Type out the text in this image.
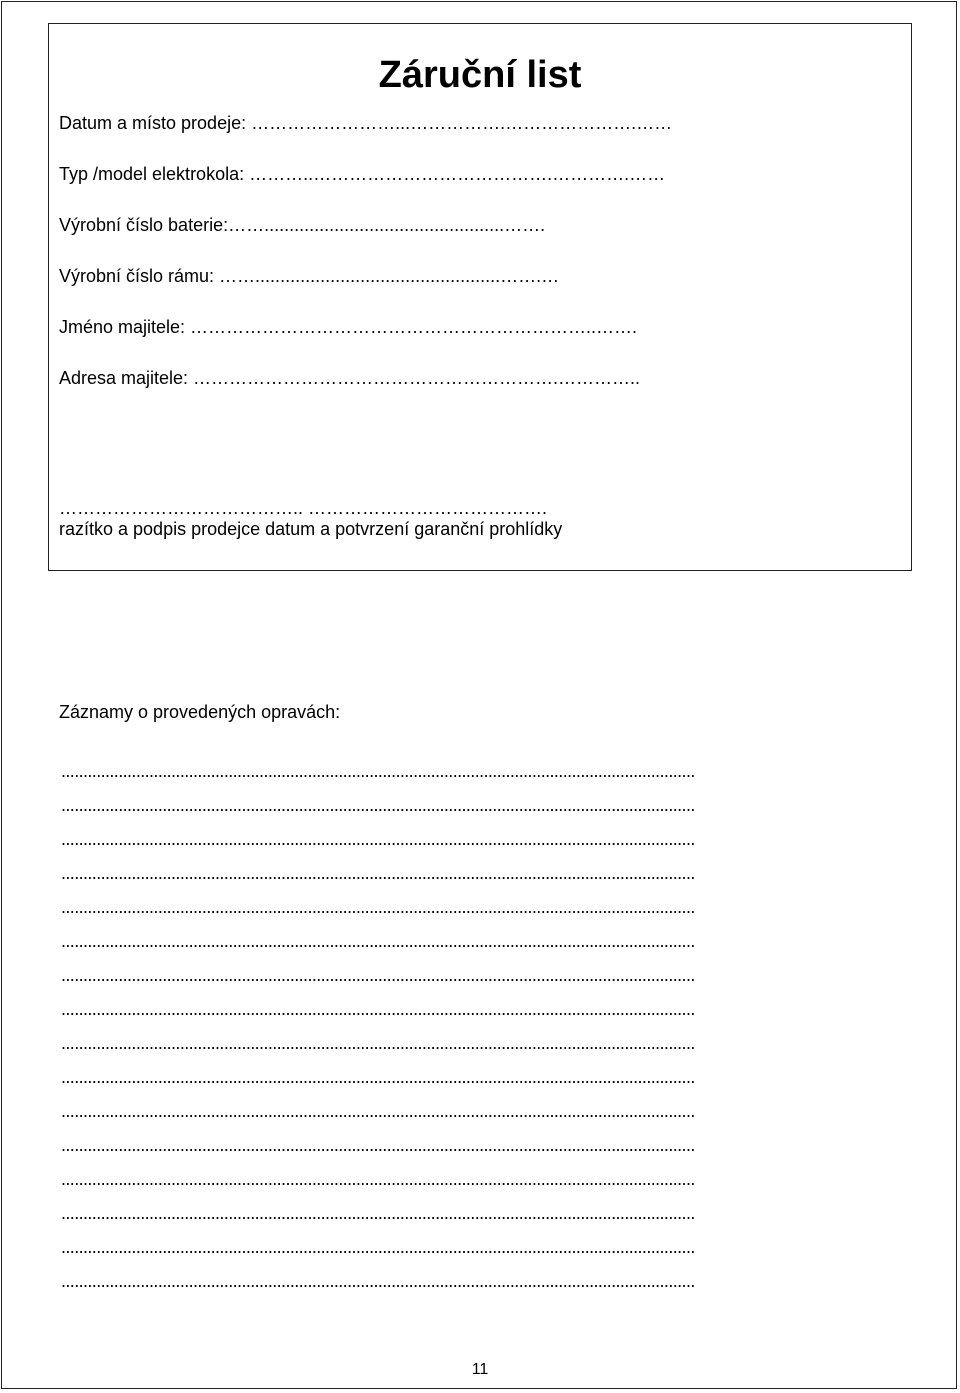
Záruční list
Datum a místo prodeje: ……………………...…………….………………….……
Typ /model elektrokola: ………..………………………………….………….……
Výrobní číslo baterie:……................................................…….
Výrobní číslo rámu: …….................................................…….…
Jméno majitele: …………………………………………………………..…….
Adresa majitele: …………………………………………………….…………..
………………………………….. ………………………………….
razítko a podpis prodejce datum a potvrzení garanční prohlídky
Záznamy o provedených opravách:
................................................................................................................................................
................................................................................................................................................
................................................................................................................................................
................................................................................................................................................
................................................................................................................................................
................................................................................................................................................
................................................................................................................................................
................................................................................................................................................
................................................................................................................................................
................................................................................................................................................
................................................................................................................................................
................................................................................................................................................
................................................................................................................................................
................................................................................................................................................
................................................................................................................................................
................................................................................................................................................
11
